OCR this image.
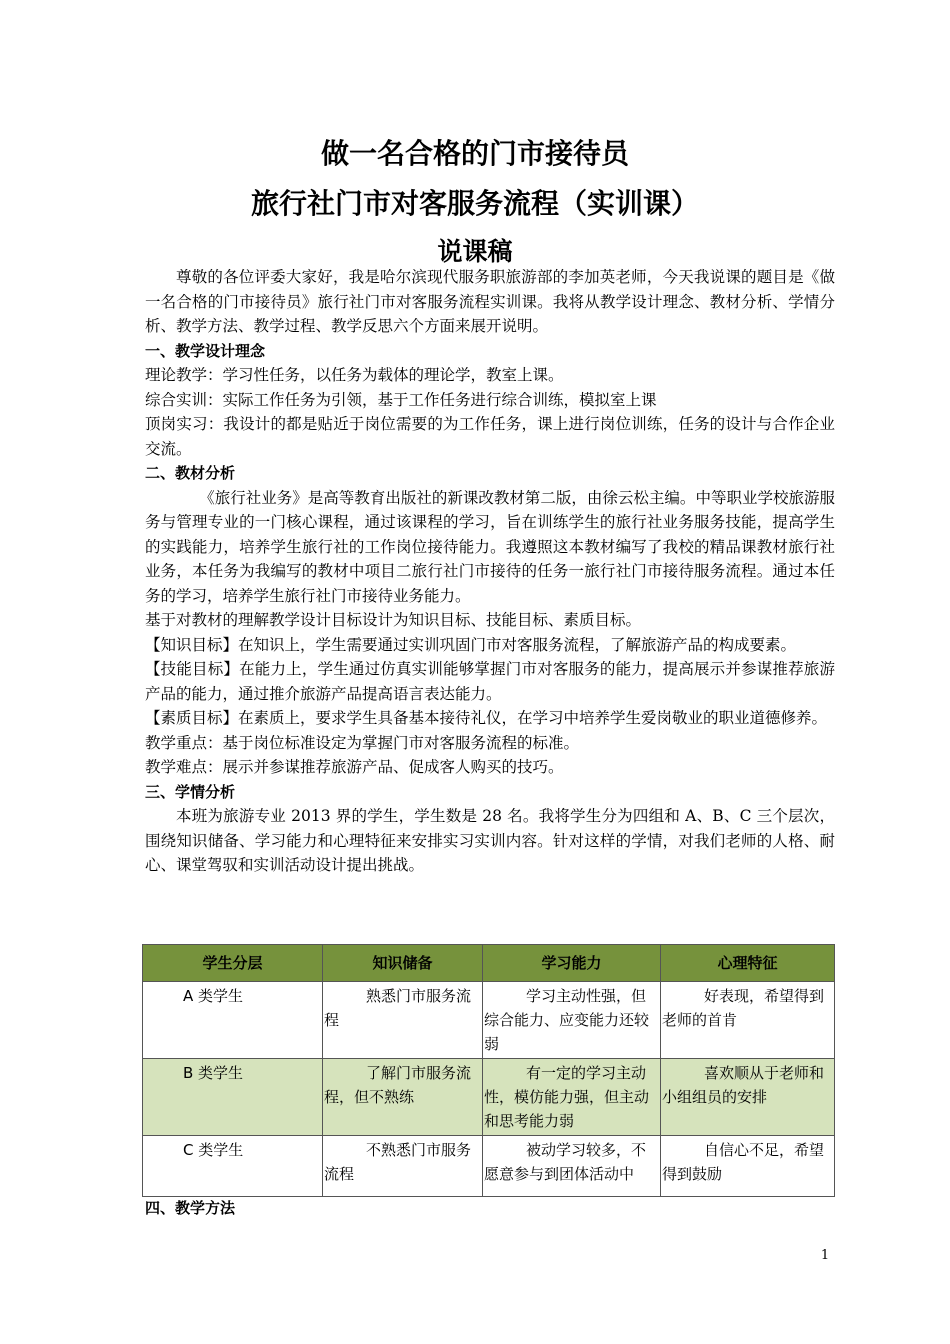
做一名合格的门市接待员
旅行社门市对客服务流程（实训课）
说课稿

尊敬的各位评委大家好，我是哈尔滨现代服务职旅游部的李加英老师，今天我说课的题目是《做一名合格的门市接待员》旅行社门市对客服务流程实训课。我将从教学设计理念、教材分析、学情分析、教学方法、教学过程、教学反思六个方面来展开说明。

一、教学设计理念

理论教学：学习性任务，以任务为载体的理论学，教室上课。

综合实训：实际工作任务为引领，基于工作任务进行综合训练，模拟室上课

顶岗实习：我设计的都是贴近于岗位需要的为工作任务，课上进行岗位训练，任务的设计与合作企业交流。

二、教材分析

《旅行社业务》是高等教育出版社的新课改教材第二版，由徐云松主编。中等职业学校旅游服务与管理专业的一门核心课程，通过该课程的学习，旨在训练学生的旅行社业务服务技能，提高学生的实践能力，培养学生旅行社的工作岗位接待能力。我遵照这本教材编写了我校的精品课教材旅行社业务，本任务为我编写的教材中项目二旅行社门市接待的任务一旅行社门市接待服务流程。通过本任务的学习，培养学生旅行社门市接待业务能力。

基于对教材的理解教学设计目标设计为知识目标、技能目标、素质目标。

【知识目标】在知识上，学生需要通过实训巩固门市对客服务流程，了解旅游产品的构成要素。

【技能目标】在能力上，学生通过仿真实训能够掌握门市对客服务的能力，提高展示并参谋推荐旅游产品的能力，通过推介旅游产品提高语言表达能力。

【素质目标】在素质上，要求学生具备基本接待礼仪，在学习中培养学生爱岗敬业的职业道德修养。

教学重点：基于岗位标准设定为掌握门市对客服务流程的标准。

教学难点：展示并参谋推荐旅游产品、促成客人购买的技巧。

三、学情分析

本班为旅游专业 2013 界的学生，学生数是 28 名。我将学生分为四组和 A、B、C 三个层次，围绕知识储备、学习能力和心理特征来安排实习实训内容。针对这样的学情，对我们老师的人格、耐心、课堂驾驭和实训活动设计提出挑战。

学生分层	知识储备	学习能力	心理特征
A 类学生	熟悉门市服务流程	学习主动性强，但综合能力、应变能力还较弱	好表现，希望得到老师的首肯
B 类学生	了解门市服务流程，但不熟练	有一定的学习主动性，模仿能力强，但主动和思考能力弱	喜欢顺从于老师和小组组员的安排
C 类学生	不熟悉门市服务流程	被动学习较多，不愿意参与到团体活动中	自信心不足，希望得到鼓励
四、教学方法
1
